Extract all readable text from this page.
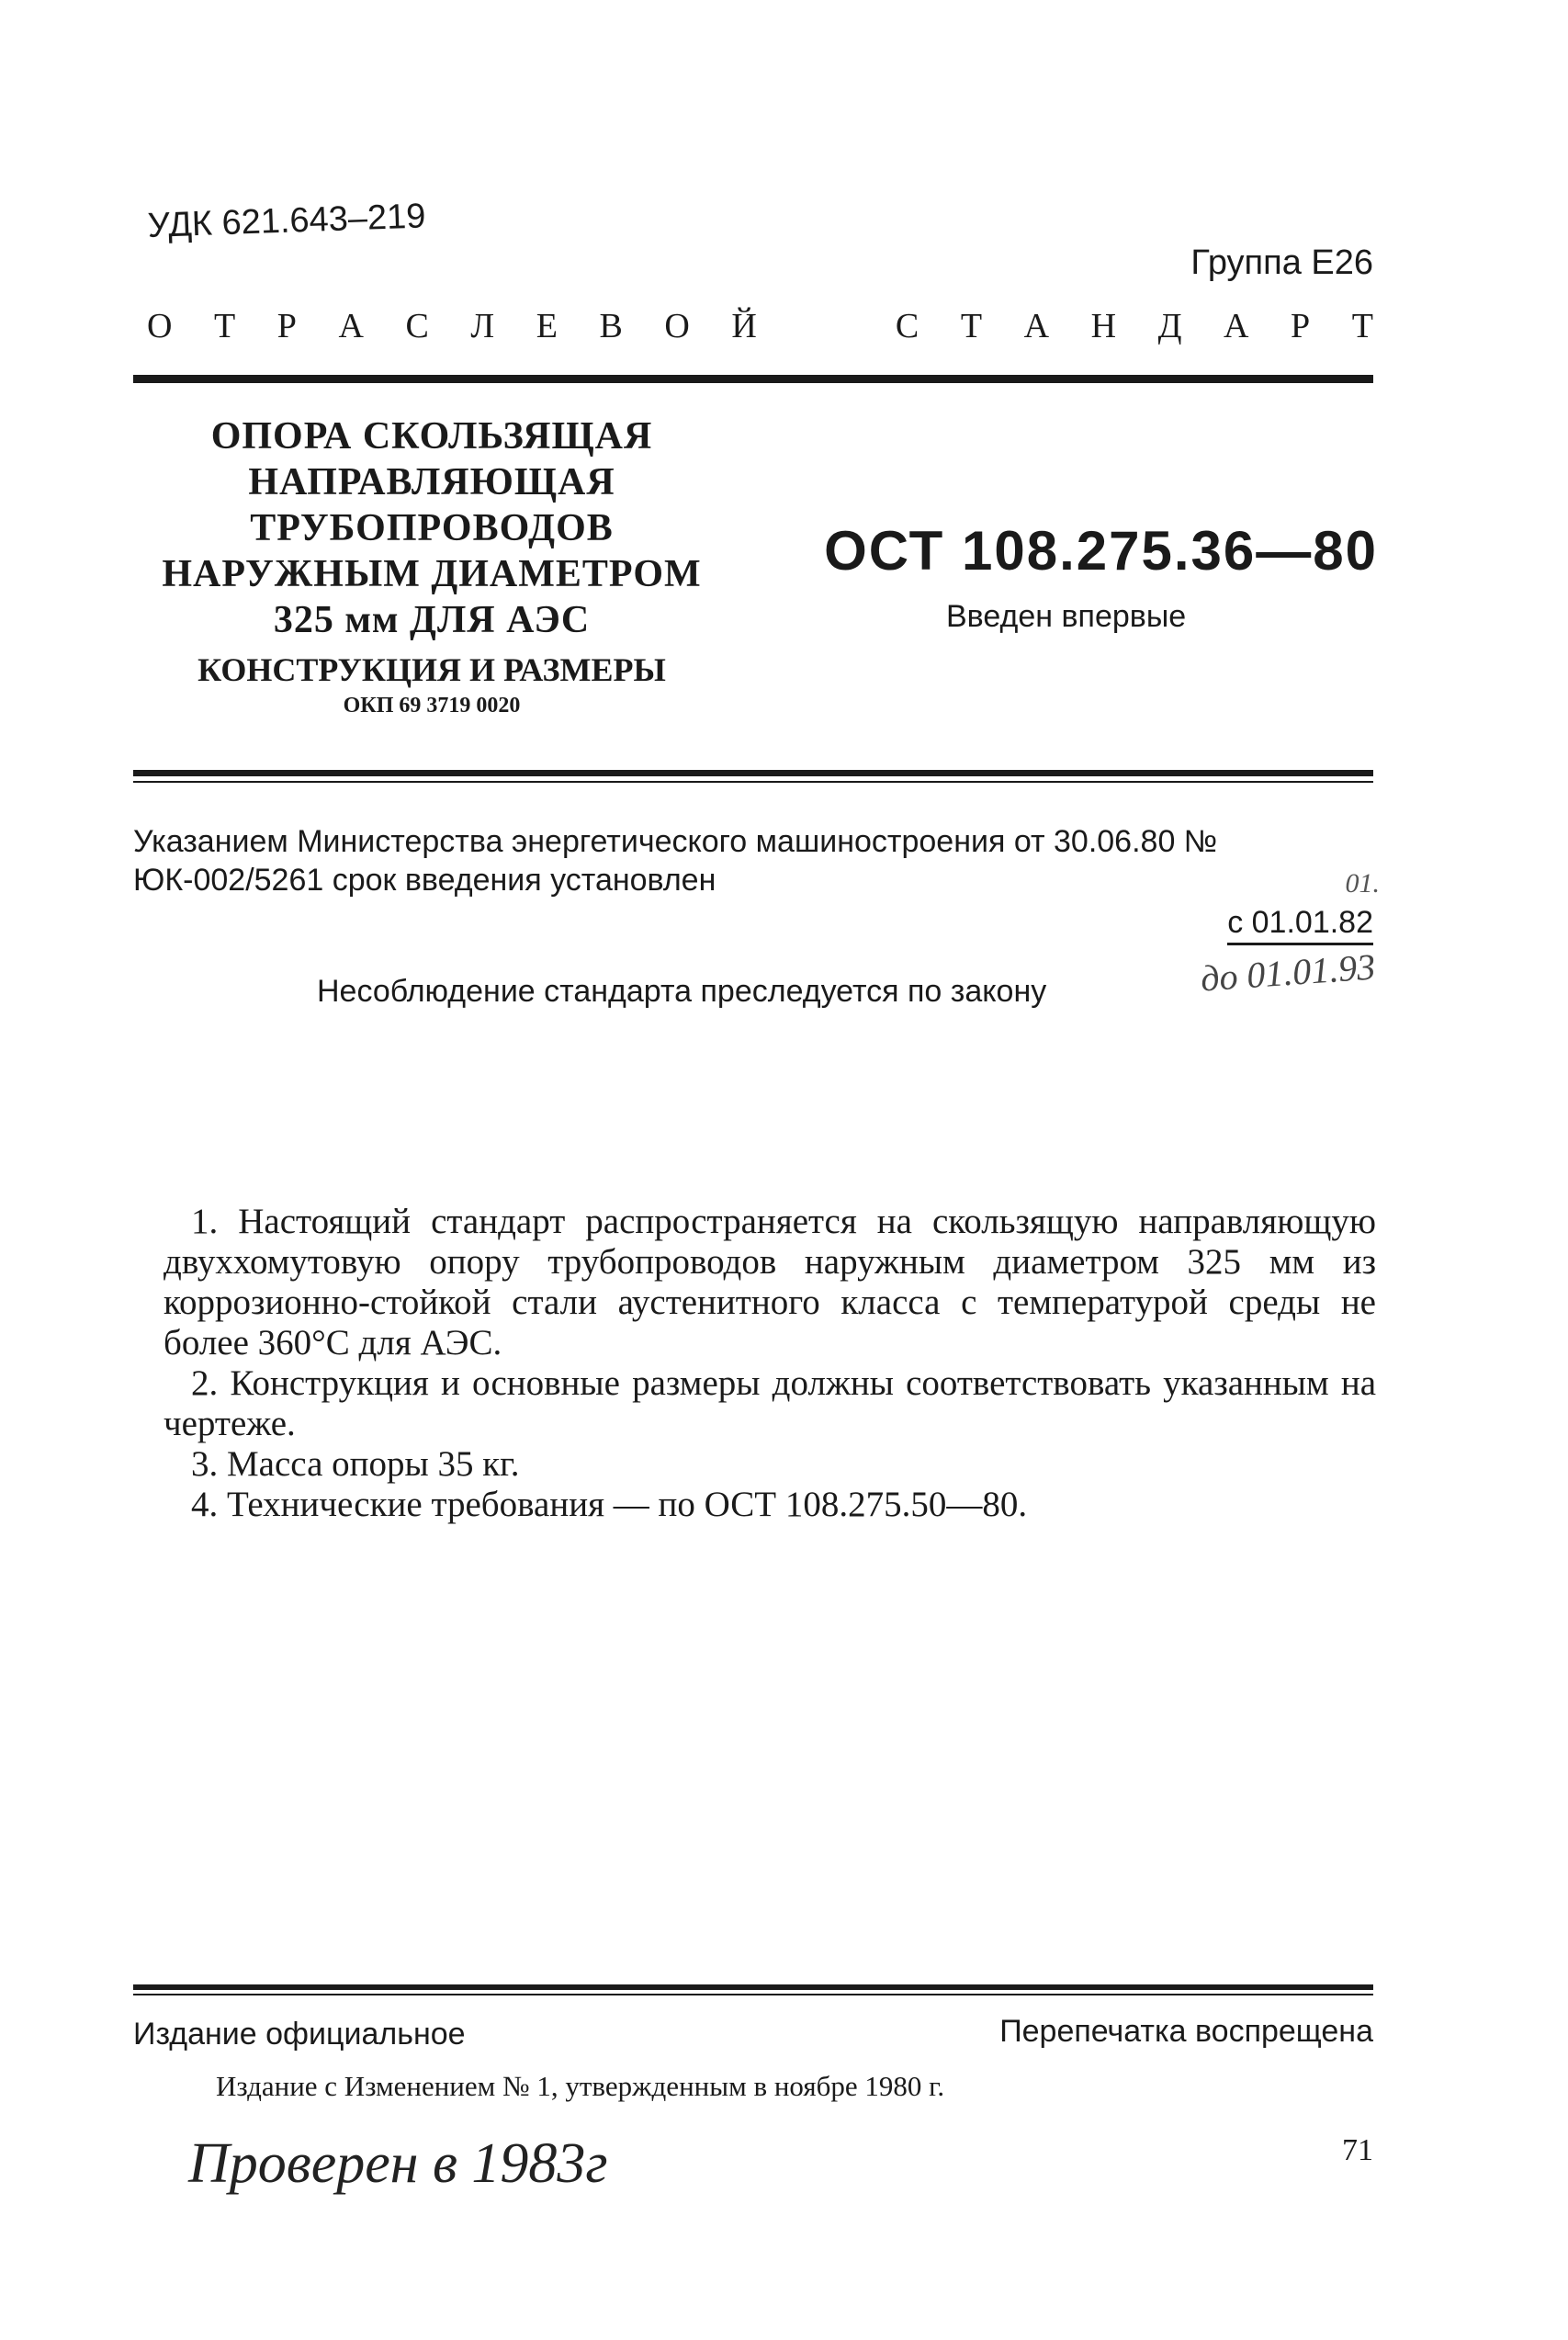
УДК 621.643–219
Группа Е26
О Т Р А С Л Е В О Й	С Т А Н Д А Р Т
ОПОРА СКОЛЬЗЯЩАЯ
НАПРАВЛЯЮЩАЯ
ТРУБОПРОВОДОВ
НАРУЖНЫМ ДИАМЕТРОМ
325 мм ДЛЯ АЭС
КОНСТРУКЦИЯ И РАЗМЕРЫ
ОКП 69 3719 0020
ОСТ 108.275.36—80
Введен впервые
Указанием Министерства энергетического машиностроения от 30.06.80 № ЮК-002/5261 срок введения установлен	01.
с 01.01.82
до 01.01.93
Несоблюдение стандарта преследуется по закону

1. Настоящий стандарт распространяется на скользящую направляющую двуххомутовую опору трубопроводов наружным диаметром 325 мм из коррозионно-стойкой стали аустенитного класса с температурой среды не более 360°С для АЭС.

2. Конструкция и основные размеры должны соответствовать указанным на чертеже.

3. Масса опоры 35 кг.

4. Технические требования — по ОСТ 108.275.50—80.

Издание официальное	Перепечатка воспрещена
Издание с Изменением № 1, утвержденным в ноябре 1980 г.
Проверен в 1983г	71
